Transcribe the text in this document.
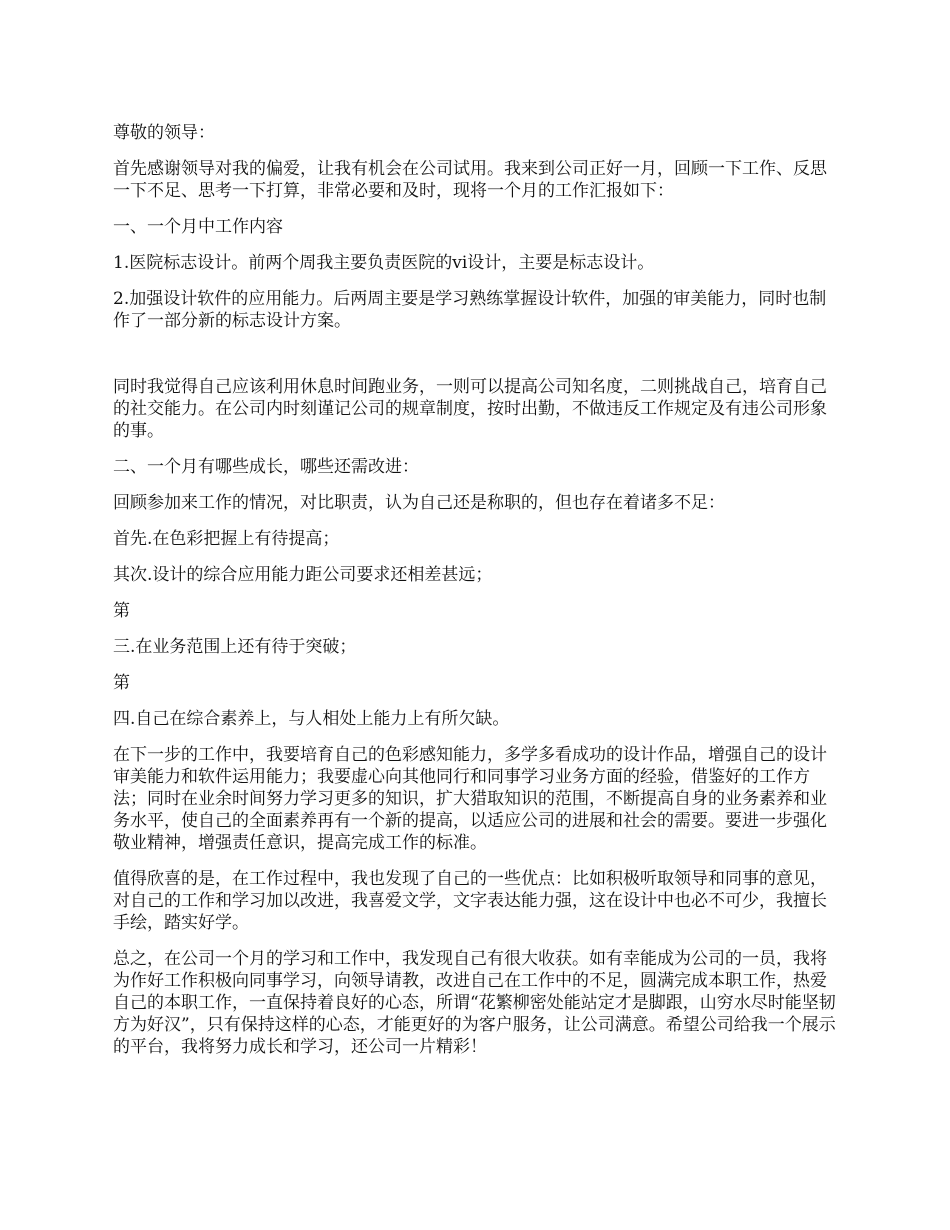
尊敬的领导：

首先感谢领导对我的偏爱，让我有机会在公司试用。我来到公司正好一月，回顾一下工作、反思一下不足、思考一下打算，非常必要和及时，现将一个月的工作汇报如下：

一、一个月中工作内容

1.医院标志设计。前两个周我主要负责医院的vi设计，主要是标志设计。

2.加强设计软件的应用能力。后两周主要是学习熟练掌握设计软件，加强的审美能力，同时也制作了一部分新的标志设计方案。

同时我觉得自己应该利用休息时间跑业务，一则可以提高公司知名度，二则挑战自己，培育自己的社交能力。在公司内时刻谨记公司的规章制度，按时出勤，不做违反工作规定及有违公司形象的事。

二、一个月有哪些成长，哪些还需改进：

回顾参加来工作的情况，对比职责，认为自己还是称职的，但也存在着诸多不足：

首先.在色彩把握上有待提高；

其次.设计的综合应用能力距公司要求还相差甚远；

第

三.在业务范围上还有待于突破；

第

四.自己在综合素养上，与人相处上能力上有所欠缺。

在下一步的工作中，我要培育自己的色彩感知能力，多学多看成功的设计作品，增强自己的设计审美能力和软件运用能力；我要虚心向其他同行和同事学习业务方面的经验，借鉴好的工作方法；同时在业余时间努力学习更多的知识，扩大猎取知识的范围，不断提高自身的业务素养和业务水平，使自己的全面素养再有一个新的提高，以适应公司的进展和社会的需要。要进一步强化敬业精神，增强责任意识，提高完成工作的标准。

值得欣喜的是，在工作过程中，我也发现了自己的一些优点：比如积极听取领导和同事的意见，对自己的工作和学习加以改进，我喜爱文学，文字表达能力强，这在设计中也必不可少，我擅长手绘，踏实好学。

总之，在公司一个月的学习和工作中，我发现自己有很大收获。如有幸能成为公司的一员，我将为作好工作积极向同事学习，向领导请教，改进自己在工作中的不足，圆满完成本职工作，热爱自己的本职工作，一直保持着良好的心态，所谓“花繁柳密处能站定才是脚跟，山穷水尽时能坚韧方为好汉”，只有保持这样的心态，才能更好的为客户服务，让公司满意。希望公司给我一个展示的平台，我将努力成长和学习，还公司一片精彩！
